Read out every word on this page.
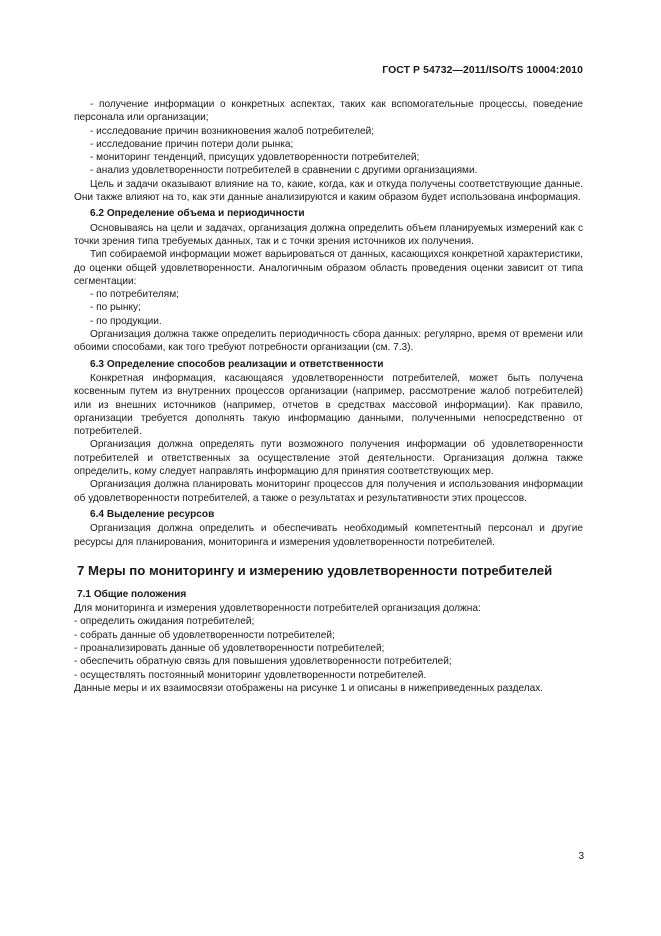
ГОСТ Р 54732—2011/ISO/TS 10004:2010

- получение информации о конкретных аспектах, таких как вспомогательные процессы, поведение персонала или организации;

- исследование причин возникновения жалоб потребителей;

- исследование причин потери доли рынка;

- мониторинг тенденций, присущих удовлетворенности потребителей;

- анализ удовлетворенности потребителей в сравнении с другими организациями.

Цель и задачи оказывают влияние на то, какие, когда, как и откуда получены соответствующие данные. Они также влияют на то, как эти данные анализируются и каким образом будет использована информация.

6.2 Определение объема и периодичности

Основываясь на цели и задачах, организация должна определить объем планируемых измерений как с точки зрения типа требуемых данных, так и с точки зрения источников их получения.

Тип собираемой информации может варьироваться от данных, касающихся конкретной характеристики, до оценки общей удовлетворенности. Аналогичным образом область проведения оценки зависит от типа сегментации:

- по потребителям;

- по рынку;

- по продукции.

Организация должна также определить периодичность сбора данных: регулярно, время от времени или обоими способами, как того требуют потребности организации (см. 7.3).

6.3 Определение способов реализации и ответственности

Конкретная информация, касающаяся удовлетворенности потребителей, может быть получена косвенным путем из внутренних процессов организации (например, рассмотрение жалоб потребителей) или из внешних источников (например, отчетов в средствах массовой информации). Как правило, организации требуется дополнять такую информацию данными, полученными непосредственно от потребителей.

Организация должна определять пути возможного получения информации об удовлетворенности потребителей и ответственных за осуществление этой деятельности. Организация должна также определить, кому следует направлять информацию для принятия соответствующих мер.

Организация должна планировать мониторинг процессов для получения и использования информации об удовлетворенности потребителей, а также о результатах и результативности этих процессов.

6.4 Выделение ресурсов

Организация должна определить и обеспечивать необходимый компетентный персонал и другие ресурсы для планирования, мониторинга и измерения удовлетворенности потребителей.

7 Меры по мониторингу и измерению удовлетворенности потребителей

7.1 Общие положения

Для мониторинга и измерения удовлетворенности потребителей организация должна:

- определить ожидания потребителей;

- собрать данные об удовлетворенности потребителей;

- проанализировать данные об удовлетворенности потребителей;

- обеспечить обратную связь для повышения удовлетворенности потребителей;

- осуществлять постоянный мониторинг удовлетворенности потребителей.

Данные меры и их взаимосвязи отображены на рисунке 1 и описаны в нижеприведенных разделах.

3
